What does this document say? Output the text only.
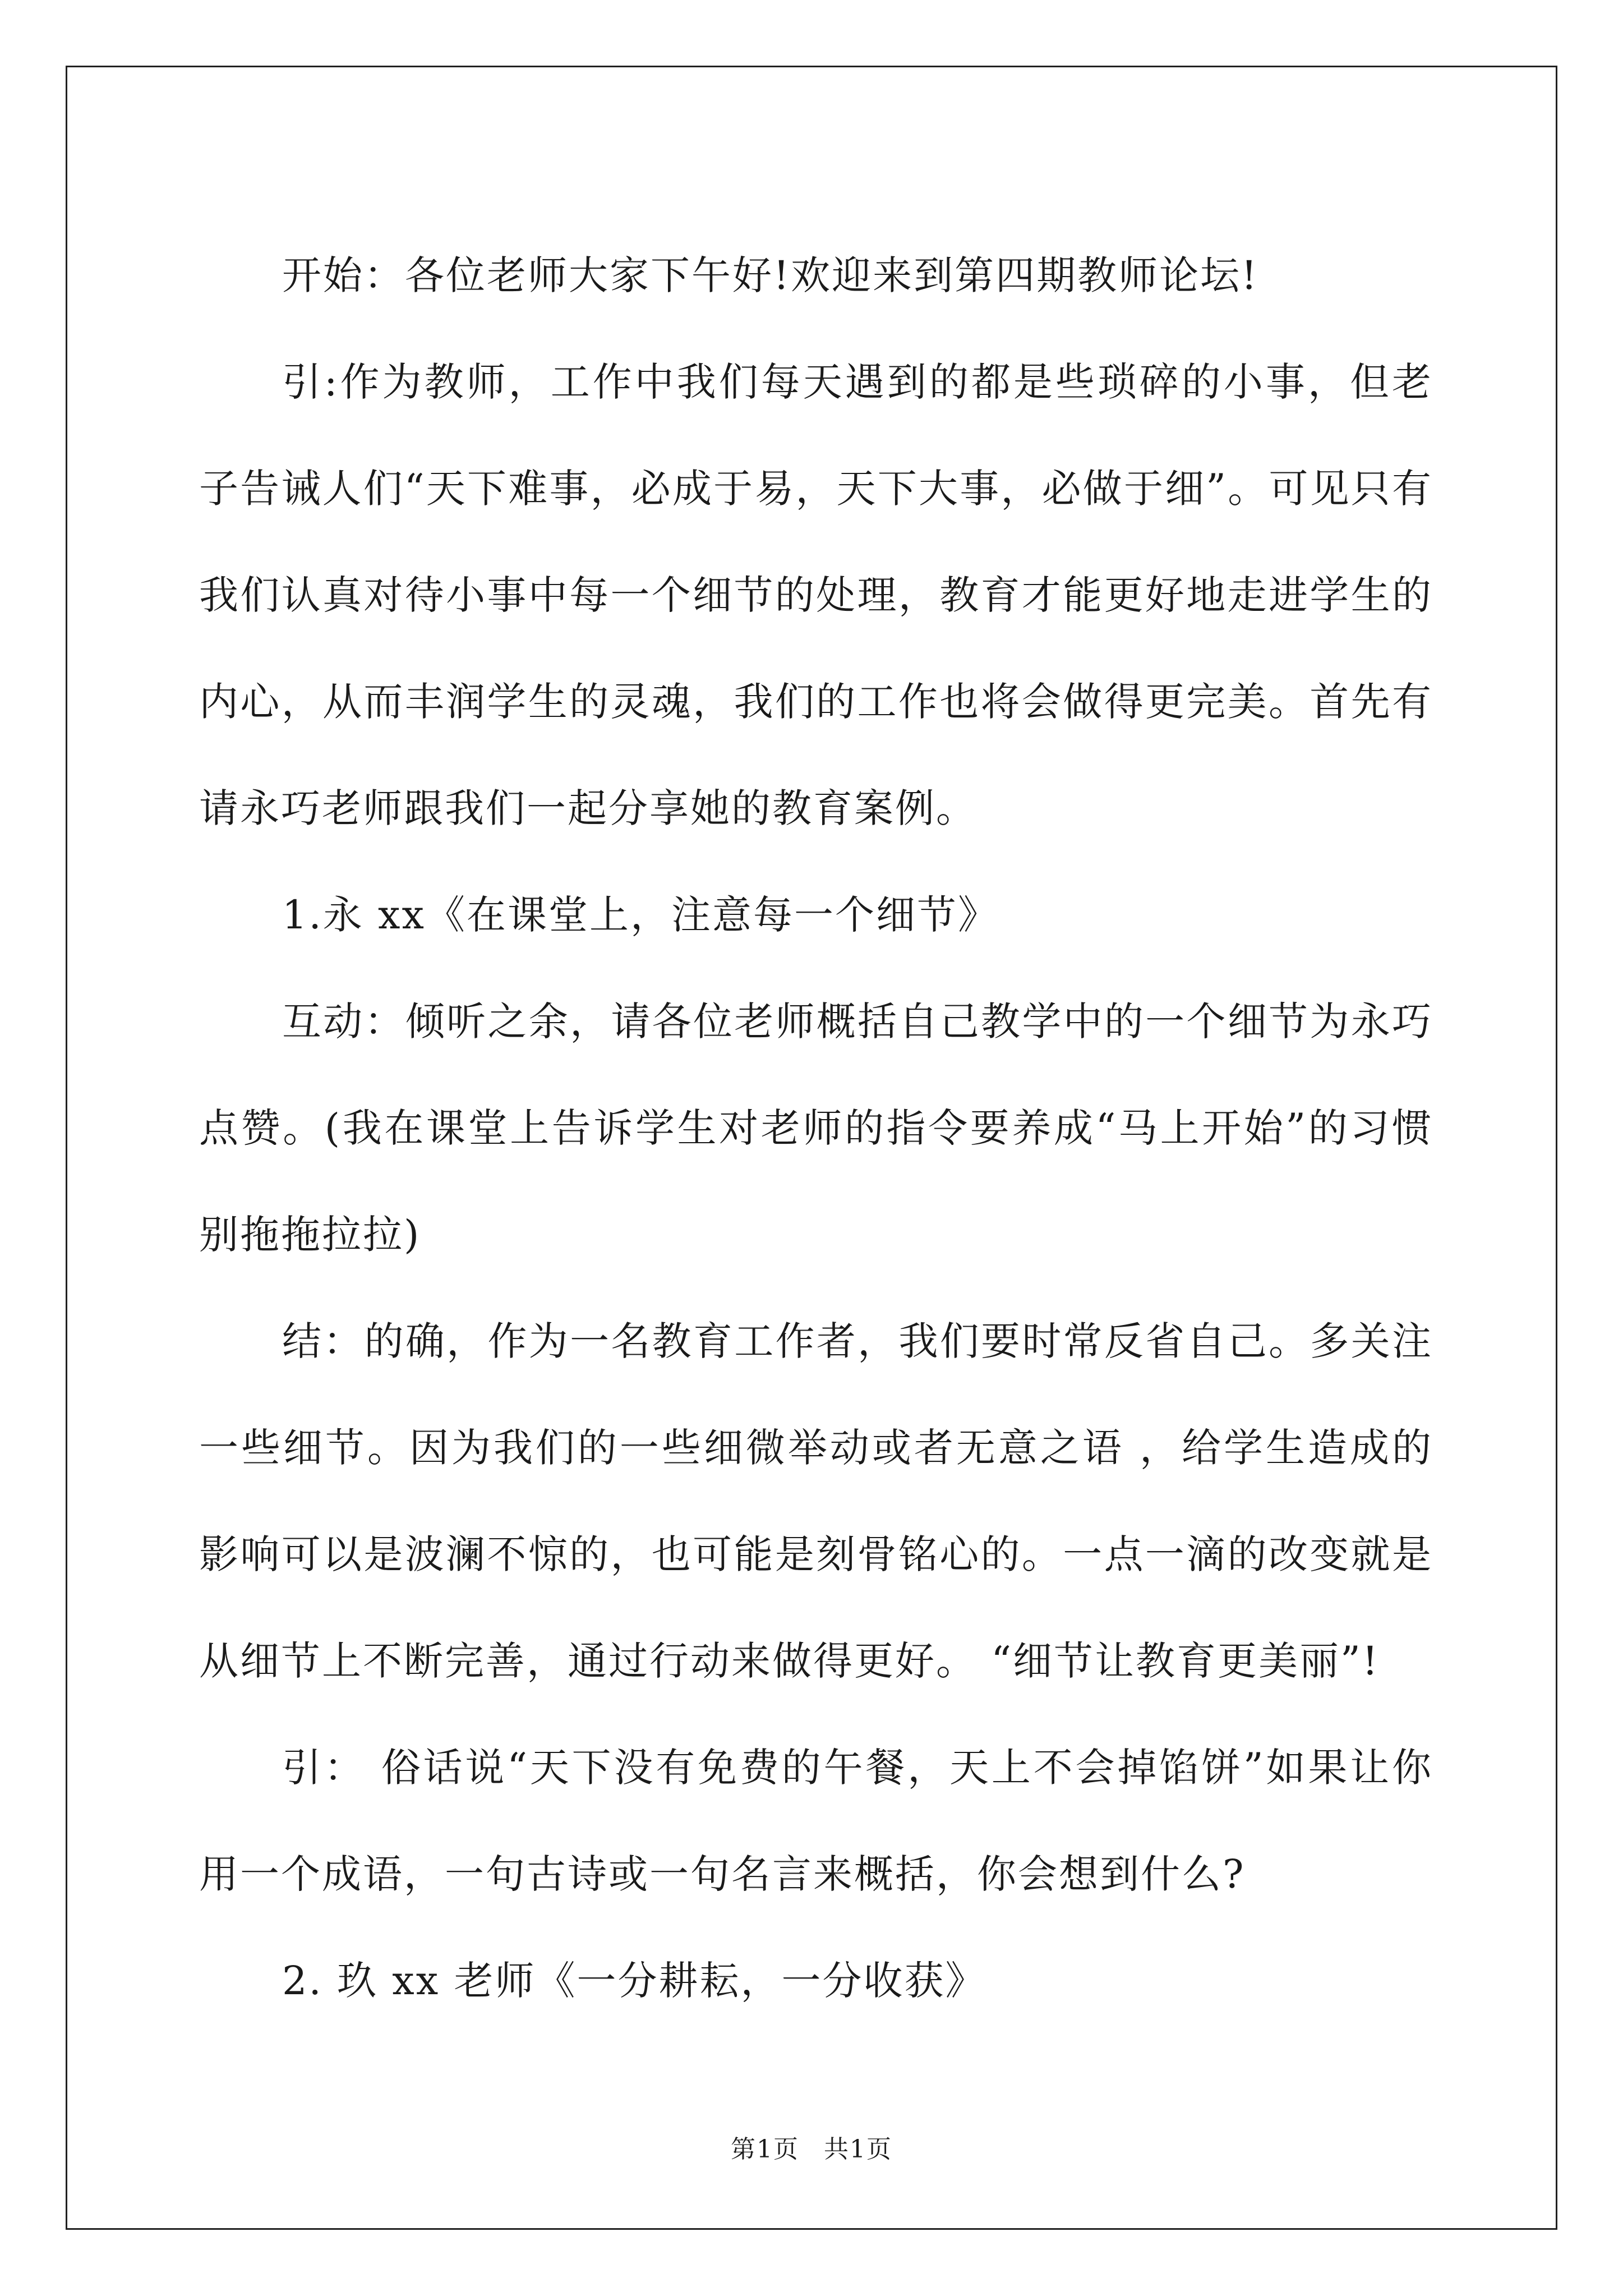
开始：各位老师大家下午好!欢迎来到第四期教师论坛!

引:作为教师，工作中我们每天遇到的都是些琐碎的小事，但老子告诫人们“天下难事，必成于易，天下大事，必做于细”。可见只有我们认真对待小事中每一个细节的处理，教育才能更好地走进学生的内心，从而丰润学生的灵魂，我们的工作也将会做得更完美。首先有请永巧老师跟我们一起分享她的教育案例。

1.永 xx《在课堂上，注意每一个细节》

互动：倾听之余，请各位老师概括自己教学中的一个细节为永巧点赞。(我在课堂上告诉学生对老师的指令要养成“马上开始”的习惯别拖拖拉拉)

结：的确，作为一名教育工作者，我们要时常反省自己。多关注一些细节。因为我们的一些细微举动或者无意之语 ，给学生造成的影响可以是波澜不惊的，也可能是刻骨铭心的。一点一滴的改变就是从细节上不断完善，通过行动来做得更好。 “细节让教育更美丽”!

引： 俗话说“天下没有免费的午餐，天上不会掉馅饼”如果让你用一个成语，一句古诗或一句名言来概括，你会想到什么?

2. 玖 xx 老师《一分耕耘，一分收获》

第1页 共1页
